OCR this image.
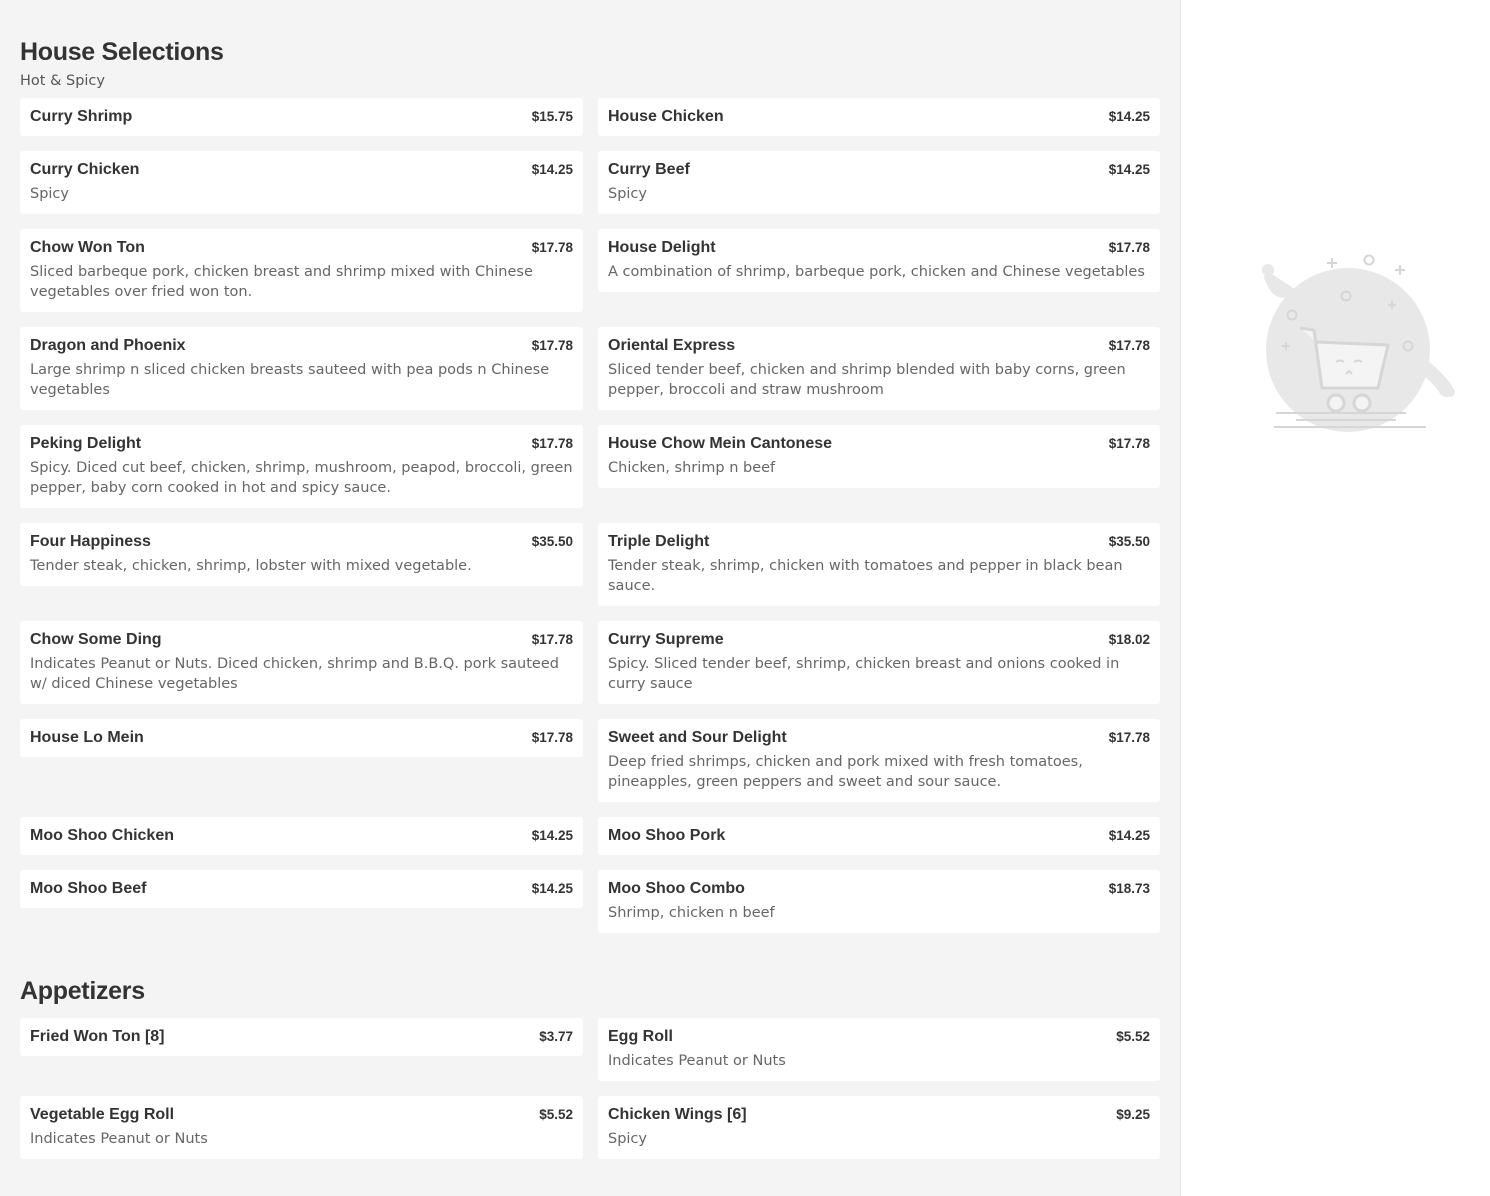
House Selections

Hot & Spicy

Curry Shrimp	$15.75 House Chicken	$14.25
Curry Chicken	$14.25
Spicy
Curry Beef	$14.25
Spicy
Chow Won Ton	$17.78
Sliced barbeque pork, chicken breast and shrimp mixed with Chinese vegetables over fried won ton.
House Delight	$17.78
A combination of shrimp, barbeque pork, chicken and Chinese vegetables
Dragon and Phoenix	$17.78
Large shrimp n sliced chicken breasts sauteed with pea pods n Chinese vegetables
Oriental Express	$17.78
Sliced tender beef, chicken and shrimp blended with baby corns, green pepper, broccoli and straw mushroom
Peking Delight	$17.78
Spicy. Diced cut beef, chicken, shrimp, mushroom, peapod, broccoli, green pepper, baby corn cooked in hot and spicy sauce.
House Chow Mein Cantonese	$17.78
Chicken, shrimp n beef
Four Happiness	$35.50
Tender steak, chicken, shrimp, lobster with mixed vegetable.
Triple Delight	$35.50
Tender steak, shrimp, chicken with tomatoes and pepper in black bean sauce.
Chow Some Ding	$17.78
Indicates Peanut or Nuts. Diced chicken, shrimp and B.B.Q. pork sauteed w/ diced Chinese vegetables
Curry Supreme	$18.02
Spicy. Sliced tender beef, shrimp, chicken breast and onions cooked in curry sauce
House Lo Mein	$17.78 Sweet and Sour Delight	$17.78
Deep fried shrimps, chicken and pork mixed with fresh tomatoes, pineapples, green peppers and sweet and sour sauce.
Moo Shoo Chicken	$14.25 Moo Shoo Pork	$14.25
Moo Shoo Beef	$14.25 Moo Shoo Combo	$18.73
Shrimp, chicken n beef
Appetizers
Fried Won Ton [8]	$3.77 Egg Roll	$5.52
Indicates Peanut or Nuts
Vegetable Egg Roll	$5.52
Indicates Peanut or Nuts
Chicken Wings [6]	$9.25
Spicy
